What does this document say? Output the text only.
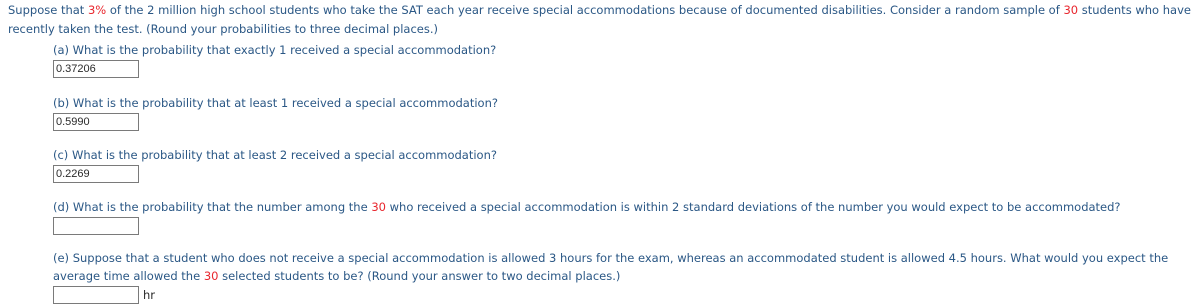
Suppose that 3% of the 2 million high school students who take the SAT each year receive special accommodations because of documented disabilities. Consider a random sample of 30 students who have recently taken the test. (Round your probabilities to three decimal places.)

(a) What is the probability that exactly 1 received a special accommodation?

0.37206

(b) What is the probability that at least 1 received a special accommodation?

0.5990

(c) What is the probability that at least 2 received a special accommodation?

0.2269

(d) What is the probability that the number among the 30 who received a special accommodation is within 2 standard deviations of the number you would expect to be accommodated?

(e) Suppose that a student who does not receive a special accommodation is allowed 3 hours for the exam, whereas an accommodated student is allowed 4.5 hours. What would you expect the average time allowed the 30 selected students to be? (Round your answer to two decimal places.)

hr
